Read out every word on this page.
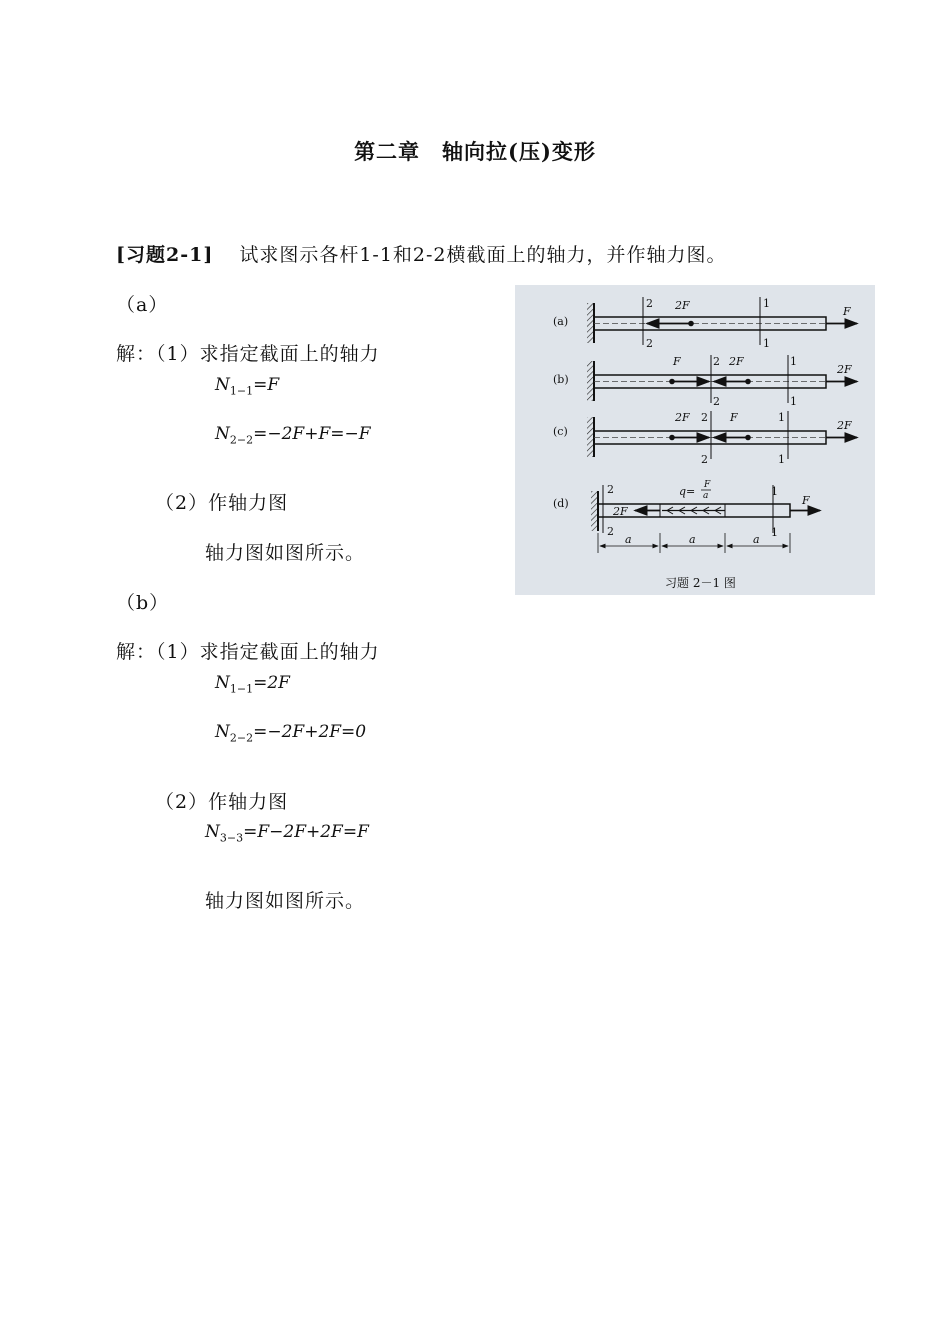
第二章　轴向拉(压)变形
[习题2-1] 试求图示各杆1-1和2-2横截面上的轴力，并作轴力图。
（a）
解：（1）求指定截面上的轴力
$N_{1-1}=F$
$N_{2-2}=-2F+F=-F$
（2）作轴力图
轴力图如图所示。
（b）
解：（1）求指定截面上的轴力
$N_{1-1}=2F$
$N_{2-2}=-2F+2F=0$
（2）作轴力图
$N_{3-3}=F-2F+2F=F$
轴力图如图所示。
(a)
2
2
1
1
2F	F
(b)
2
2
1
1
F	2F
2F
(c)
2
2
1
1
2F	F
2F
(d)
2
2
1
1
2F
q= F
a	F
a	a	a
习题 2－1 图
